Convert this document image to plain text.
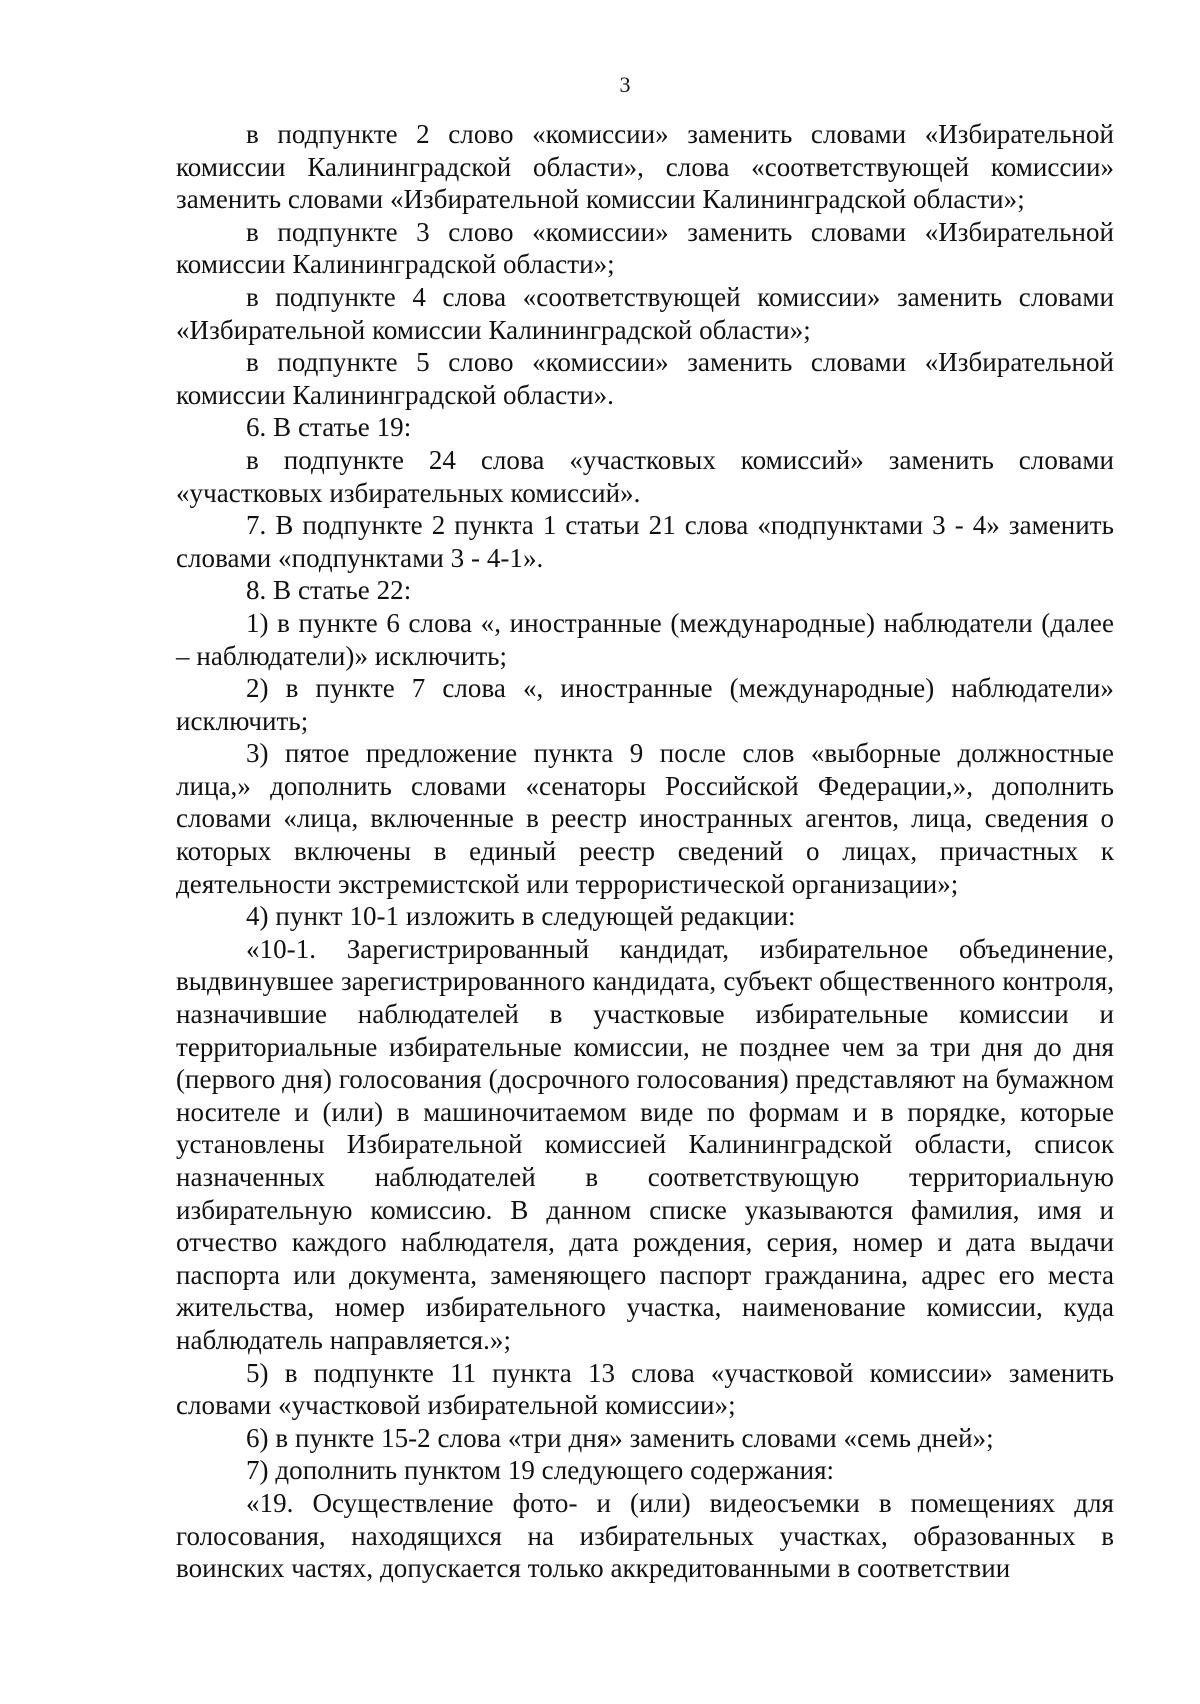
3

в подпункте 2 слово «комиссии» заменить словами «Избирательной комиссии Калининградской области», слова «соответствующей комиссии» заменить словами «Избирательной комиссии Калининградской области»;

в подпункте 3 слово «комиссии» заменить словами «Избирательной комиссии Калининградской области»;

в подпункте 4 слова «соответствующей комиссии» заменить словами «Избирательной комиссии Калининградской области»;

в подпункте 5 слово «комиссии» заменить словами «Избирательной комиссии Калининградской области».

6. В статье 19:

в подпункте 24 слова «участковых комиссий» заменить словами «участковых избирательных комиссий».

7. В подпункте 2 пункта 1 статьи 21 слова «подпунктами 3 - 4» заменить словами «подпунктами 3 - 4-1».

8. В статье 22:

1) в пункте 6 слова «, иностранные (международные) наблюдатели (далее – наблюдатели)» исключить;

2) в пункте 7 слова «, иностранные (международные) наблюдатели» исключить;

3) пятое предложение пункта 9 после слов «выборные должностные лица,» дополнить словами «сенаторы Российской Федерации,», дополнить словами «лица, включенные в реестр иностранных агентов, лица, сведения о которых включены в единый реестр сведений о лицах, причастных к деятельности экстремистской или террористической организации»;

4) пункт 10-1 изложить в следующей редакции:

«10-1. Зарегистрированный кандидат, избирательное объединение, выдвинувшее зарегистрированного кандидата, субъект общественного контроля, назначившие наблюдателей в участковые избирательные комиссии и территориальные избирательные комиссии, не позднее чем за три дня до дня (первого дня) голосования (досрочного голосования) представляют на бумажном носителе и (или) в машиночитаемом виде по формам и в порядке, которые установлены Избирательной комиссией Калининградской области, список назначенных наблюдателей в соответствующую территориальную избирательную комиссию. В данном списке указываются фамилия, имя и отчество каждого наблюдателя, дата рождения, серия, номер и дата выдачи паспорта или документа, заменяющего паспорт гражданина, адрес его места жительства, номер избирательного участка, наименование комиссии, куда наблюдатель направляется.»;

5) в подпункте 11 пункта 13 слова «участковой комиссии» заменить словами «участковой избирательной комиссии»;

6) в пункте 15-2 слова «три дня» заменить словами «семь дней»;

7) дополнить пунктом 19 следующего содержания:

«19. Осуществление фото- и (или) видеосъемки в помещениях для голосования, находящихся на избирательных участках, образованных в воинских частях, допускается только аккредитованными в соответствии
